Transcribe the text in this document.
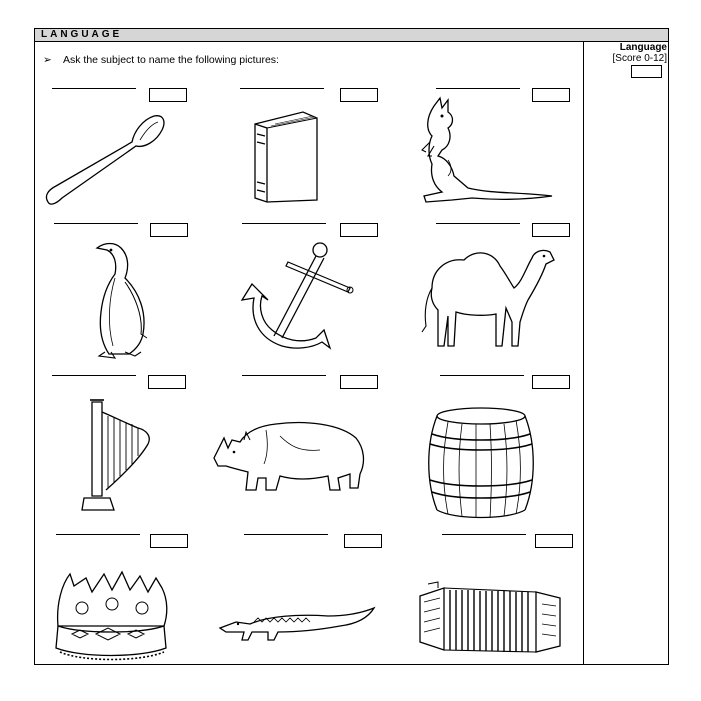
LANGUAGE
➢ Ask the subject to name the following pictures:
Language
[Score 0-12]
